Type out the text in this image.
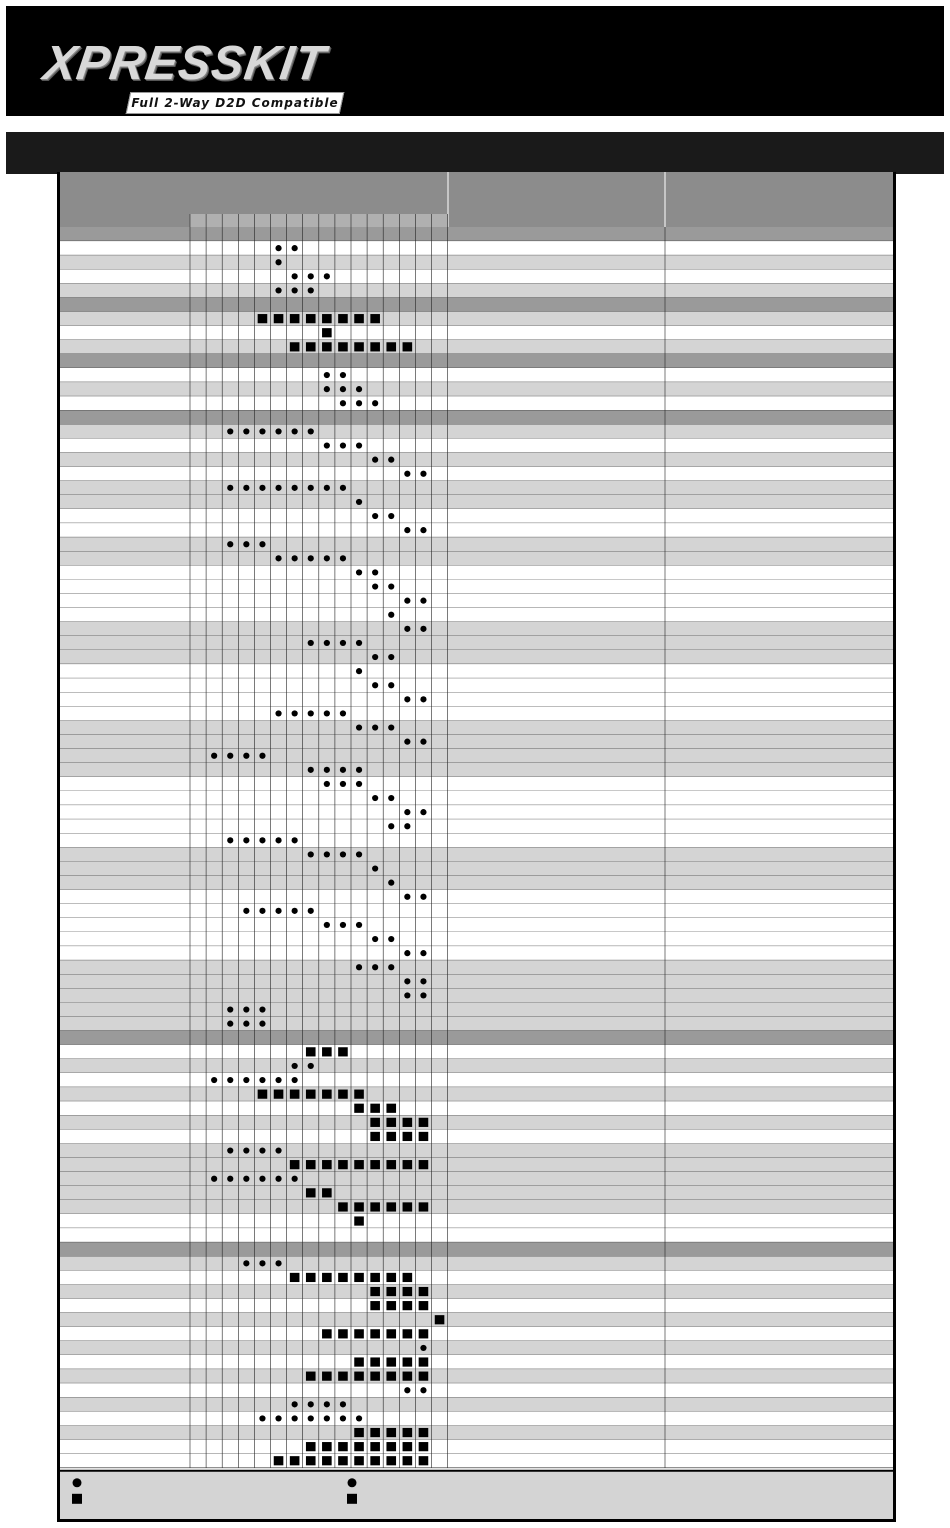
XPRESSKIT
Full 2-Way D2D Compatible
